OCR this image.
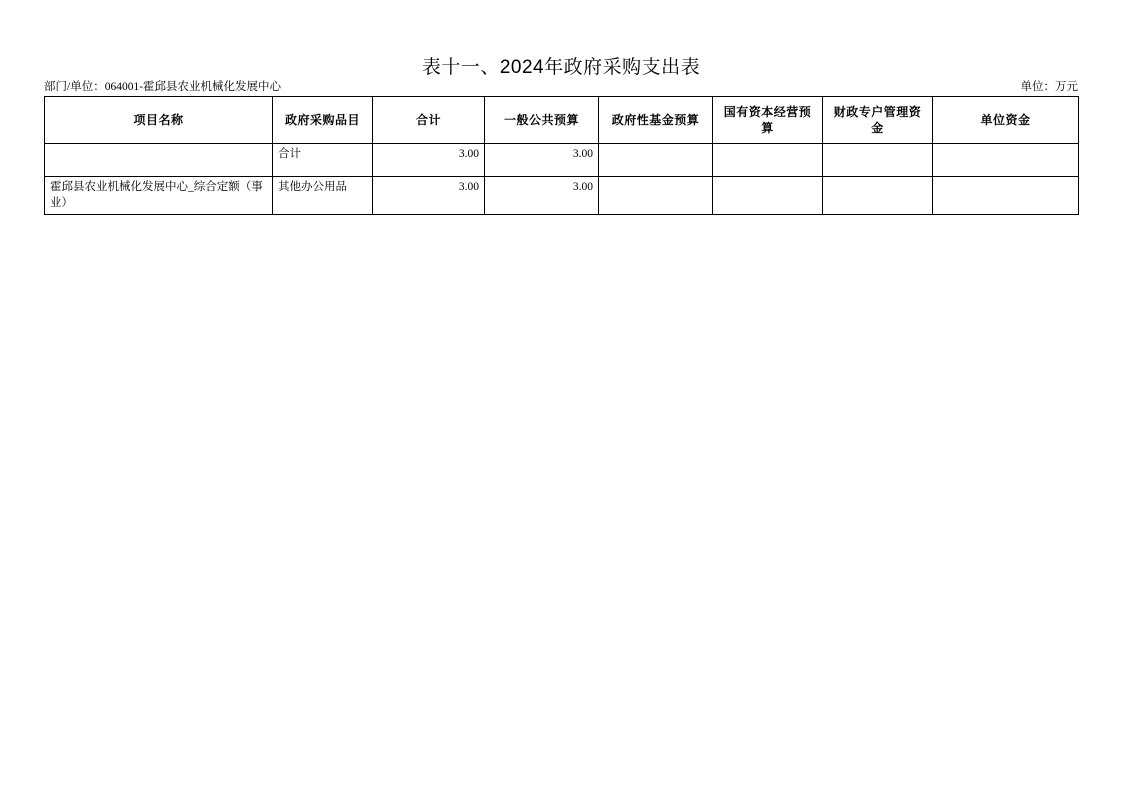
表十一、2024年政府采购支出表
部门/单位：064001-霍邱县农业机械化发展中心	单位：万元
项目名称	政府采购品目	合计	一般公共预算	政府性基金预算	国有资本经营预算	财政专户管理资金	单位资金
	合计	3.00	3.00				
霍邱县农业机械化发展中心_综合定额（事业）	其他办公用品	3.00	3.00				
